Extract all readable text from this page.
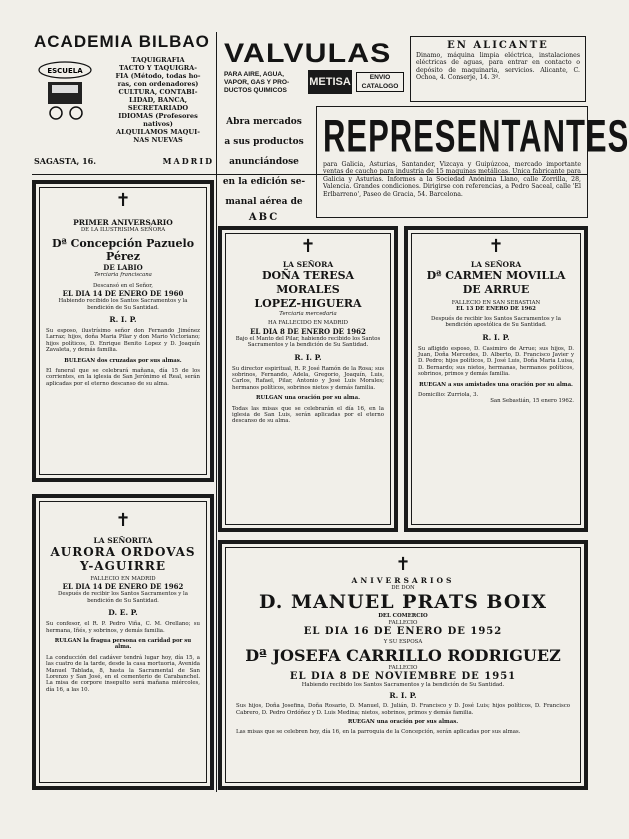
ACADEMIA BILBAO
ESCUELA

TAQUIGRAFIA

TACTO Y TAQUIGRA-

FIA (Método, todas ho-

ras, con ordenadores)

CULTURA, CONTABI-

LIDAD, BANCA,

SECRETARIADO

IDIOMAS (Profesores

nativos)

ALQUILAMOS MAQUI-

NAS NUEVAS

SAGASTA, 16.	MADRID
VALVULAS

PARA AIRE, AGUA,

VAPOR, GAS Y PRO-

DUCTOS QUIMICOS

METISA	ENVIO

CATALOGO

EN ALICANTE
Dinamo, máquina limpia eléctrica, instalaciones eléctricas de aguas, para entrar en contacto o depósito de maquinaria, servicios. Alicante, C. Ochoa, 4. Conserje, 14. 3º.

Abra mercados

a sus productos

anunciándose

en la edición se-

manal aérea de

ABC
REPRESENTANTES
para Galicia, Asturias, Santander, Vizcaya y Guipúzcoa, mercado importante ventas de caucho para industria de 15 maquinas metálicas. Unica fabricante para Galicia y Asturias. Informes a la Sociedad Anónima Llano, calle Zorrilla, 28, Valencia. Grandes condiciones. Dirigirse con referencias, a Pedro Saceal, calle 'El Erlbarreno', Paseo de Gracia, 54. Barcelona.
✝
PRIMER ANIVERSARIO
DE LA ILUSTRISIMA SEÑORA
Dª Concepción Pazuelo Pérez
DE LABIO
Terciaria franciscana
Descansó en el Señor,
EL DIA 14 DE ENERO DE 1960
Habiendo recibido los Santos Sacramentos y la bendición de Su Santidad.
R. I. P.
Su esposo, ilustrísimo señor don Fernando Jiménez Larraz; hijos, doña Maria Pilar y don Mario Victoriano; hijos políticos, D. Enrique Benito Lopez y D. Joaquín Zavaleta, y demás familia.
BULEGAN dos cruzadas por sus almas.
El funeral que se celebrará mañana, día 15 de los corrientes, en la iglesia de San Jerónimo el Real, serán aplicadas por el eterno descanso de su alma.
✝
LA SEÑORITA
AURORA ORDOVAS
Y-AGUIRRE
FALLECIO EN MADRID
EL DIA 14 DE ENERO DE 1962
Después de recibir los Santos Sacramentos y la bendición de Su Santidad.
D. E. P.
Su confesor, el R. P. Pedro Viña, C. M. Orellano; su hermana, Iñés, y sobrinos, y demás familia.
RULGAN la fragua persona en caridad por su alma.
La conducción del cadáver tendrá lugar hoy, día 15, a las cuatro de la tarde, desde la casa mortuoria, Avenida Manuel Tablada, 8, hasta la Sacramental de San Lorenzo y San José, en el cementerio de Carabanchel. La misa de corpore insepulto será mañana miércoles, día 16, a las 10.
✝
LA SEÑORA
DOÑA TERESA MORALES
LOPEZ-HIGUERA
Terciaria mercedaria
HA FALLECIDO EN MADRID
EL DIA 8 DE ENERO DE 1962
Bajo el Manto del Pilar, habiendo recibido los Santos Sacramentos y la bendición de Su Santidad.
R. I. P.
Su director espiritual, R. P. José Ramón de la Rosa; sus sobrinos, Fernando, Adela, Gregorio, Joaquín, Luis, Carlos, Rafael, Pilar, Antonio y José Luis Morales; hermanos políticos, sobrinos nietos y demás familia.
RULGAN una oración por su alma.
Todas las misas que se celebrarán el día 16, en la iglesia de San Luis, serán aplicadas por el eterno descanso de su alma.
✝
LA SEÑORA
Dª CARMEN MOVILLA
DE ARRUE
FALLECIO EN SAN SEBASTIAN
EL 13 DE ENERO DE 1962
Después de recibir los Santos Sacramentos y la bendición apostólica de Su Santidad.
R. I. P.
Su afligido esposo, D. Casimiro de Arrue; sus hijos, D. Juan, Doña Mercedes, D. Alberto, D. Francisco Javier y D. Pedro; hijos políticos, D. José Luis, Doña Maria Luisa, D. Bernardo; sus nietos, hermanas, hermanos políticos, sobrinos, primos y demás familia.
RUEGAN a sus amistades una oración por su alma.
Domicilio: Zurriola, 3.
San Sebastián, 15 enero 1962.
✝
ANIVERSARIOS
DE DON
D. MANUEL PRATS BOIX
DEL COMERCIO
FALLECIO
EL DIA 16 DE ENERO DE 1952
Y SU ESPOSA
Dª JOSEFA CARRILLO RODRIGUEZ
FALLECIO
EL DIA 8 DE NOVIEMBRE DE 1951
Habiendo recibido los Santos Sacramentos y la bendición de Su Santidad.
R. I. P.
Sus hijos, Doña Josefina, Doña Rosario, D. Manuel, D. Julián, D. Francisco y D. José Luis; hijos políticos, D. Francisco Cabrero, D. Pedro Ordóñez y D. Luis Medina; nietos, sobrinos, primos y demás familia.
RUEGAN una oración por sus almas.
Las misas que se celebren hoy, día 16, en la parroquia de la Concepción, serán aplicadas por sus almas.
